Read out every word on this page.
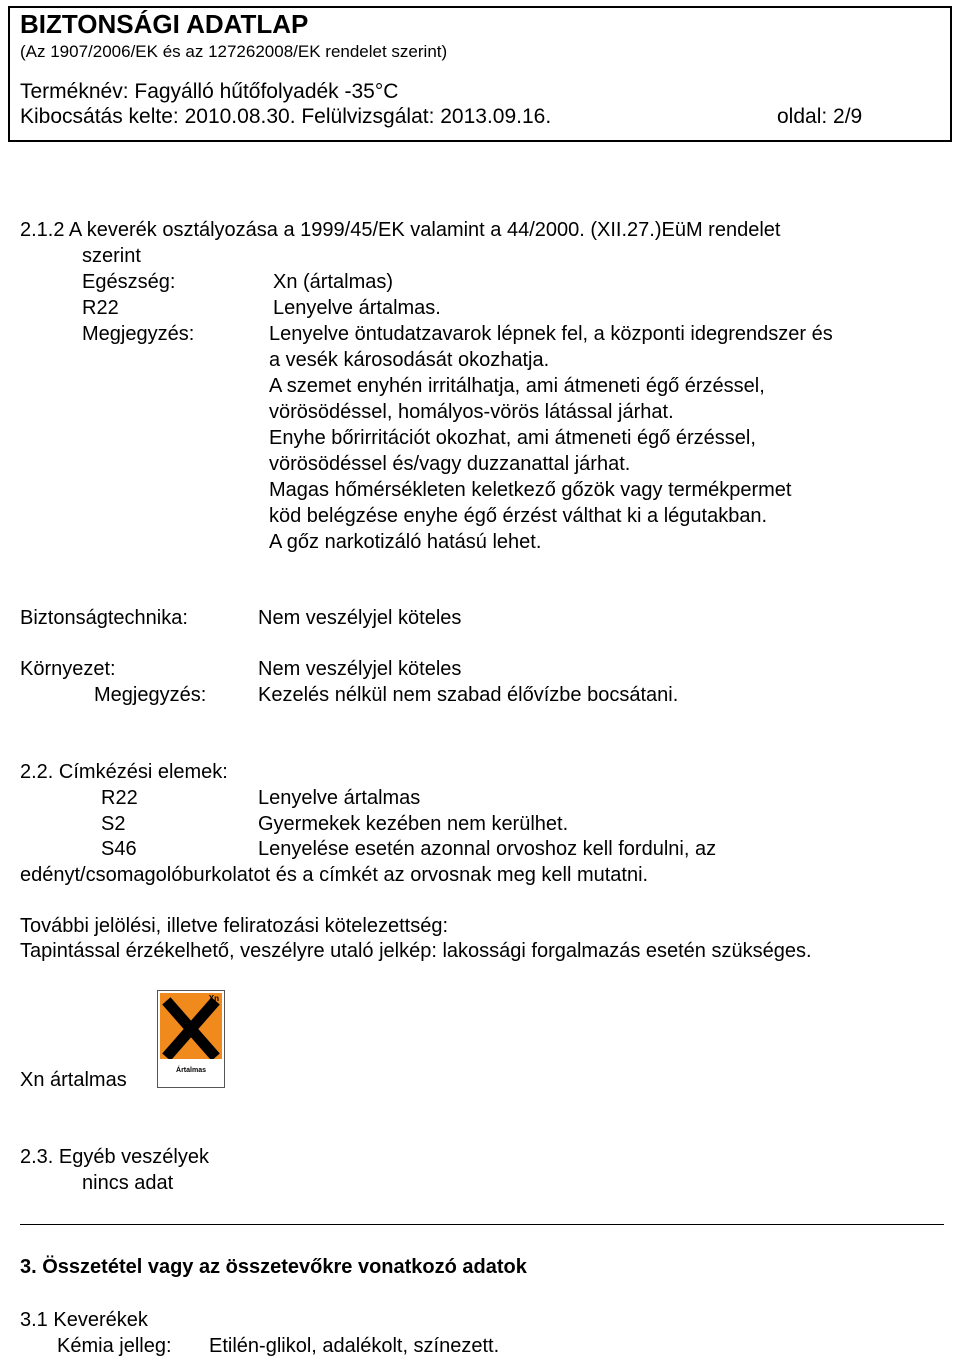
BIZTONSÁGI ADATLAP
(Az 1907/2006/EK és az 127262008/EK rendelet szerint)
Terméknév: Fagyálló hűtőfolyadék -35°C
Kibocsátás kelte: 2010.08.30. Felülvizsgálat: 2013.09.16.	oldal: 2/9
2.1.2 A keverék osztályozása a 1999/45/EK valamint a 44/2000. (XII.27.)EüM rendelet
szerint
Egészség:	Xn (ártalmas)
R22	Lenyelve ártalmas.
Megjegyzés:	Lenyelve öntudatzavarok lépnek fel, a központi idegrendszer és
a vesék károsodását okozhatja.
A szemet enyhén irritálhatja, ami átmeneti égő érzéssel,
vörösödéssel, homályos-vörös látással járhat.
Enyhe bőrirritációt okozhat, ami átmeneti égő érzéssel,
vörösödéssel és/vagy duzzanattal járhat.
Magas hőmérsékleten keletkező gőzök vagy termékpermet
köd belégzése enyhe égő érzést válthat ki a légutakban.
A gőz narkotizáló hatású lehet.
Biztonságtechnika:	Nem veszélyjel köteles
Környezet:	Nem veszélyjel köteles
Megjegyzés:	Kezelés nélkül nem szabad élővízbe bocsátani.
2.2. Címkézési elemek:
R22	Lenyelve ártalmas
S2	Gyermekek kezében nem kerülhet.
S46	Lenyelése esetén azonnal orvoshoz kell fordulni, az
edényt/csomagolóburkolatot és a címkét az orvosnak meg kell mutatni.
További jelölési, illetve feliratozási kötelezettség:
Tapintással érzékelhető, veszélyre utaló jelkép: lakossági forgalmazás esetén szükséges.
Xn
Ártalmas
Xn ártalmas
2.3. Egyéb veszélyek
nincs adat
3. Összetétel vagy az összetevőkre vonatkozó adatok
3.1 Keverékek
Kémia jelleg: Etilén-glikol, adalékolt, színezett.
